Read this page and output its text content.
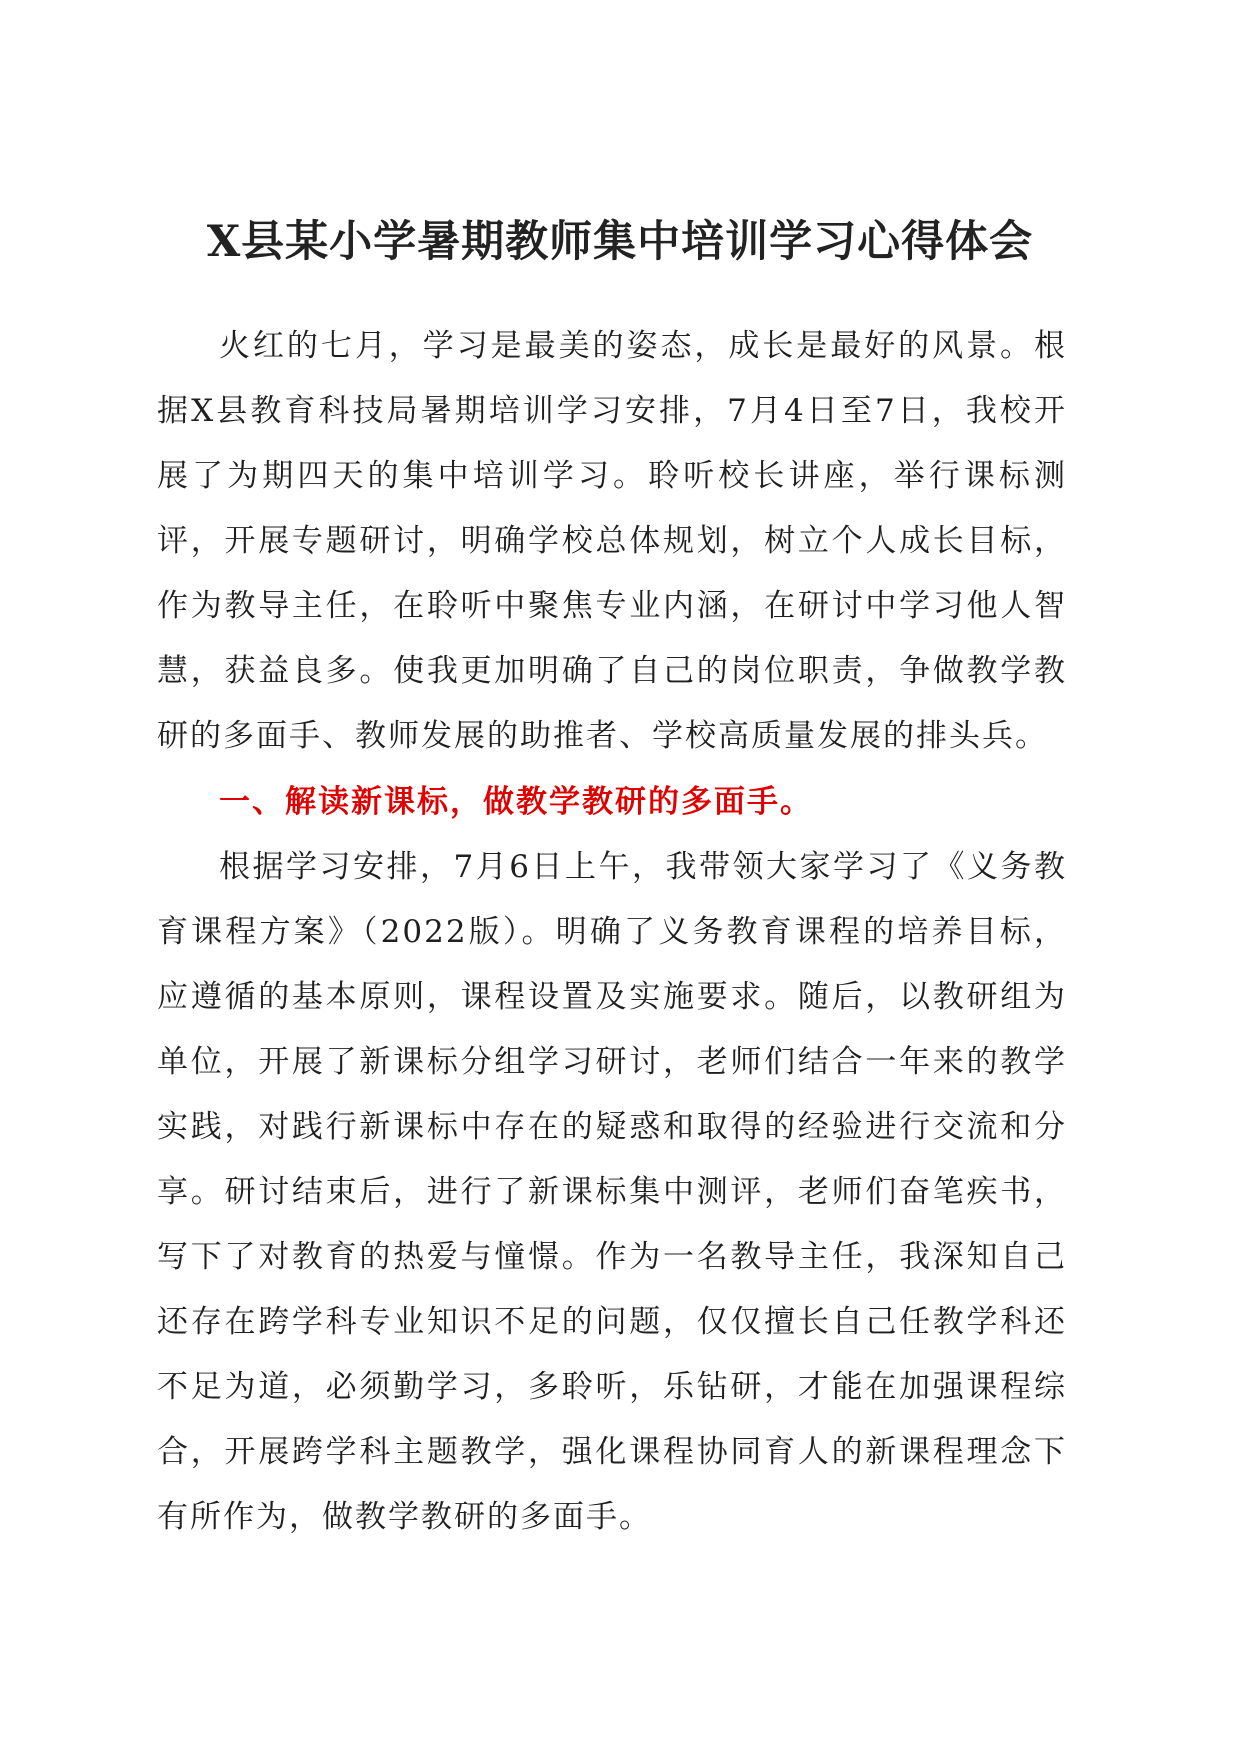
X县某小学暑期教师集中培训学习心得体会

火红的七月，学习是最美的姿态，成长是最好的风景。根据X县教育科技局暑期培训学习安排，7月4日至7日，我校开展了为期四天的集中培训学习。聆听校长讲座，举行课标测评，开展专题研讨，明确学校总体规划，树立个人成长目标，作为教导主任，在聆听中聚焦专业内涵，在研讨中学习他人智慧，获益良多。使我更加明确了自己的岗位职责，争做教学教研的多面手、教师发展的助推者、学校高质量发展的排头兵。

一、解读新课标，做教学教研的多面手。

根据学习安排，7月6日上午，我带领大家学习了《义务教育课程方案》（2022版）。明确了义务教育课程的培养目标，应遵循的基本原则，课程设置及实施要求。随后，以教研组为单位，开展了新课标分组学习研讨，老师们结合一年来的教学实践，对践行新课标中存在的疑惑和取得的经验进行交流和分享。研讨结束后，进行了新课标集中测评，老师们奋笔疾书，写下了对教育的热爱与憧憬。作为一名教导主任，我深知自己还存在跨学科专业知识不足的问题，仅仅擅长自己任教学科还不足为道，必须勤学习，多聆听，乐钻研，才能在加强课程综合，开展跨学科主题教学，强化课程协同育人的新课程理念下有所作为，做教学教研的多面手。
